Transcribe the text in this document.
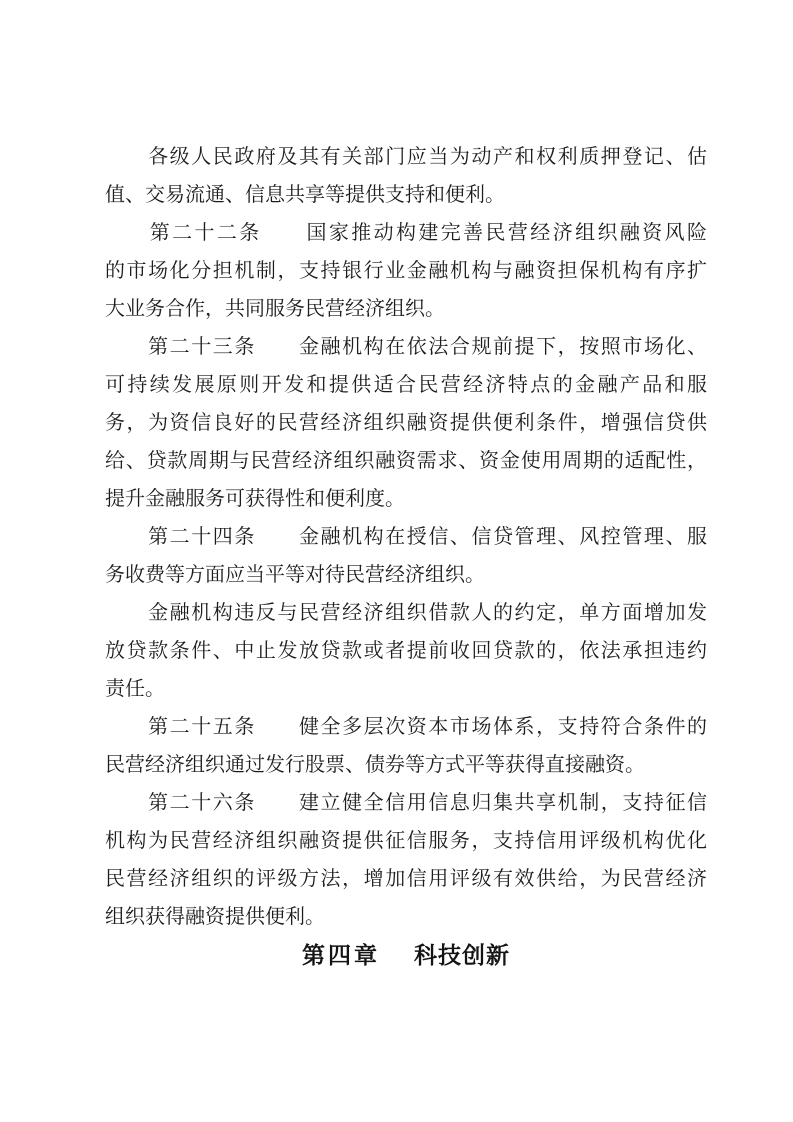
　　各级人民政府及其有关部门应当为动产和权利质押登记、估
值、交易流通、信息共享等提供支持和便利。
　　第二十二条　　国家推动构建完善民营经济组织融资风险
的市场化分担机制，支持银行业金融机构与融资担保机构有序扩
大业务合作，共同服务民营经济组织。
　　第二十三条　　金融机构在依法合规前提下，按照市场化、
可持续发展原则开发和提供适合民营经济特点的金融产品和服
务，为资信良好的民营经济组织融资提供便利条件，增强信贷供
给、贷款周期与民营经济组织融资需求、资金使用周期的适配性，
提升金融服务可获得性和便利度。
　　第二十四条　　金融机构在授信、信贷管理、风控管理、服
务收费等方面应当平等对待民营经济组织。
　　金融机构违反与民营经济组织借款人的约定，单方面增加发
放贷款条件、中止发放贷款或者提前收回贷款的，依法承担违约
责任。
　　第二十五条　　健全多层次资本市场体系，支持符合条件的
民营经济组织通过发行股票、债券等方式平等获得直接融资。
　　第二十六条　　建立健全信用信息归集共享机制，支持征信
机构为民营经济组织融资提供征信服务，支持信用评级机构优化
民营经济组织的评级方法，增加信用评级有效供给，为民营经济
组织获得融资提供便利。
第四章 科技创新
